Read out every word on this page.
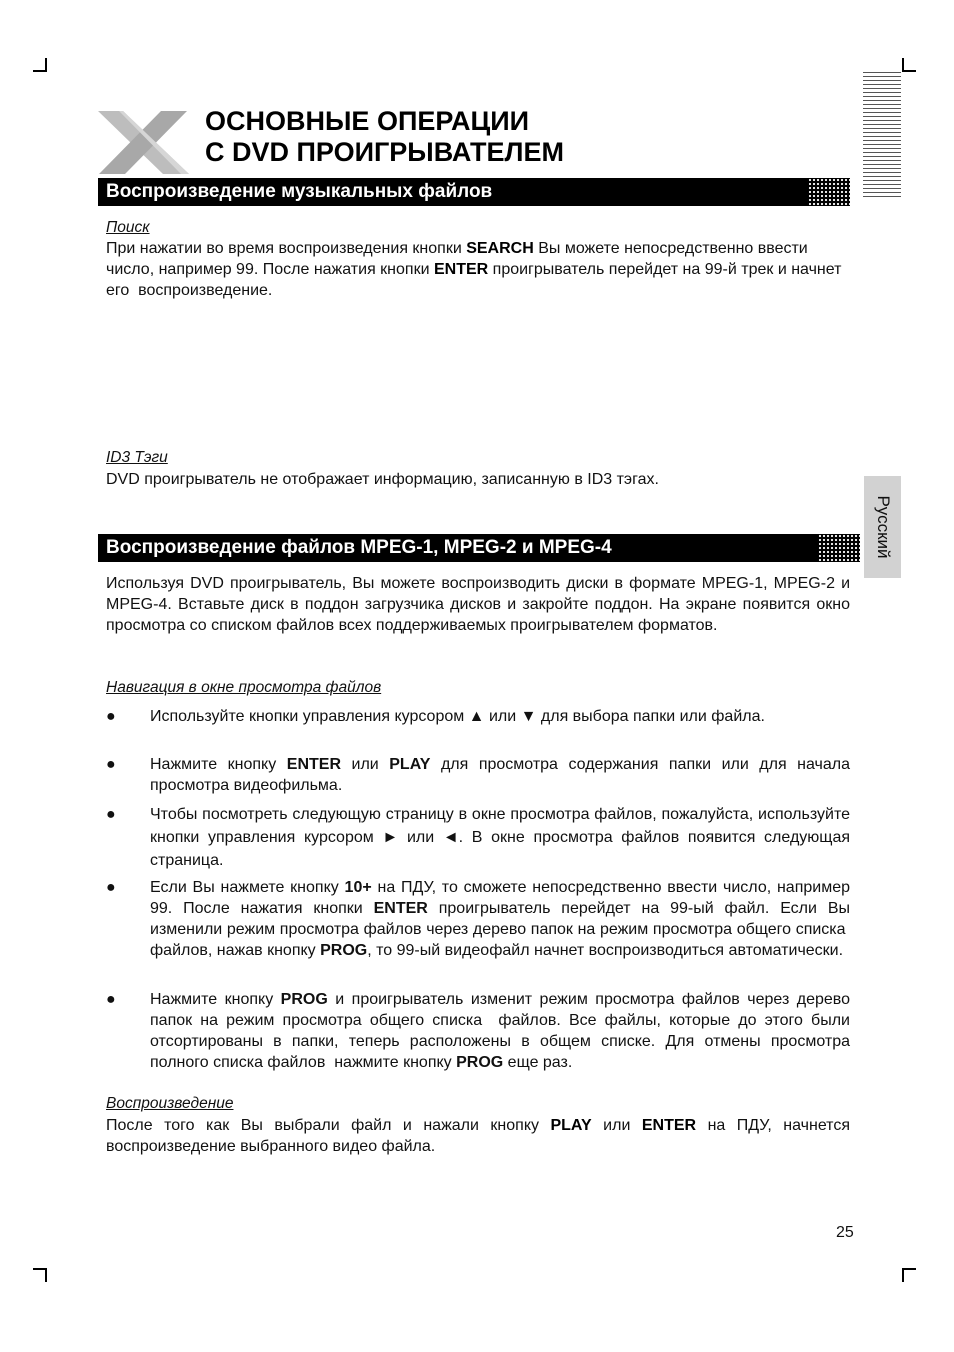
ОСНОВНЫЕ ОПЕРАЦИИ
С DVD ПРОИГРЫВАТЕЛЕМ
Воспроизведение музыкальных файлов
Поиск
При нажатии во время воспроизведения кнопки SEARCH Вы можете непосредственно ввести число, например 99. После нажатия кнопки ENTER проигрыватель перейдет на 99-й трек и начнет его  воспроизведение.
ID3 Тэги
DVD проигрыватель не отображает информацию, записанную в ID3 тэгах.
Русский
Воспроизведение файлов MPEG-1, MPEG-2 и MPEG-4
Используя DVD проигрыватель, Вы можете воспроизводить диски в формате MPEG-1, MPEG-2 и MPEG-4. Вставьте диск в поддон загрузчика дисков и закройте поддон. На экране появится окно просмотра со списком файлов всех поддерживаемых проигрывателем форматов.
Навигация в окне просмотра файлов
● Используйте кнопки управления курсором ▲ или ▼ для выбора папки или файла.
● Нажмите кнопку ENTER или PLAY для просмотра содержания папки или для начала просмотра видеофильма.
● Чтобы посмотреть следующую страницу в окне просмотра файлов, пожалуйста, используйте кнопки управления курсором ► или ◄. В окне просмотра файлов появится следующая страница.
● Если Вы нажмете кнопку 10+ на ПДУ, то сможете непосредственно ввести число, например 99. После нажатия кнопки ENTER проигрыватель перейдет на 99-ый файл. Если Вы изменили режим просмотра файлов через дерево папок на режим просмотра общего списка  файлов, нажав кнопку PROG, то 99-ый видеофайл начнет воспроизводиться автоматически.
● Нажмите кнопку PROG и проигрыватель изменит режим просмотра файлов через дерево папок на режим просмотра общего списка  файлов. Все файлы, которые до этого были отсортированы в папки, теперь расположены в общем списке. Для отмены просмотра полного списка файлов  нажмите кнопку PROG еще раз.
Воспроизведение
После того как Вы выбрали файл и нажали кнопку PLAY или ENTER на ПДУ, начнется воспроизведение выбранного видео файла.
25
